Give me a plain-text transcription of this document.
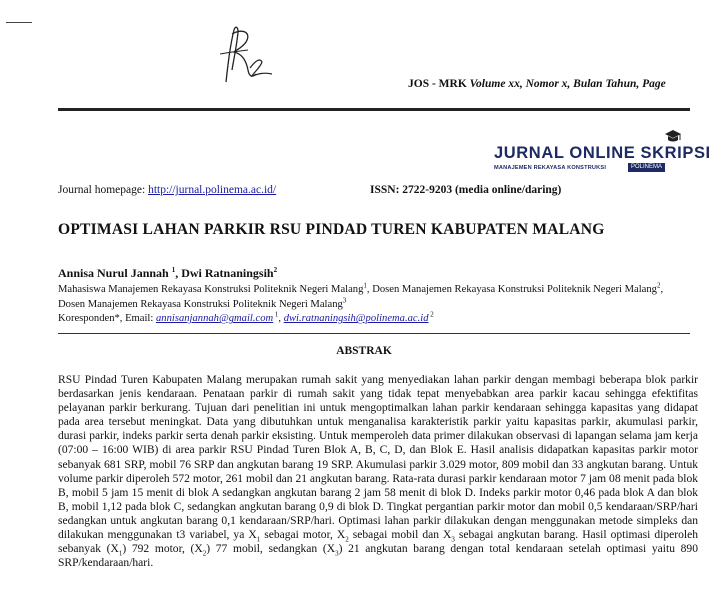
JOS - MRK Volume xx, Nomor x, Bulan Tahun, Page
JURNAL ONLINE SKRIPSI
MANAJEMEN REKAYASA KONSTRUKSI	POLINEMA
Journal homepage: http://jurnal.polinema.ac.id/	ISSN: 2722-9203 (media online/daring)
OPTIMASI LAHAN PARKIR RSU PINDAD TUREN KABUPATEN MALANG
Annisa Nurul Jannah $^1$, Dwi Ratnaningsih$^2$
Mahasiswa Manajemen Rekayasa Konstruksi Politeknik Negeri Malang$^1$, Dosen Manajemen Rekayasa Konstruksi Politeknik Negeri Malang$^2$, Dosen Manajemen Rekayasa Konstruksi Politeknik Negeri Malang$^3$
Koresponden*, Email: annisanjannah@gmail.com $^1$, dwi.ratnaningsih@polinema.ac.id $^2$
ABSTRAK
RSU Pindad Turen Kabupaten Malang merupakan rumah sakit yang menyediakan lahan parkir dengan membagi beberapa blok parkir berdasarkan jenis kendaraan. Penataan parkir di rumah sakit yang tidak tepat menyebabkan area parkir kacau sehingga efektifitas pelayanan parkir berkurang. Tujuan dari penelitian ini untuk mengoptimalkan lahan parkir kendaraan sehingga kapasitas yang didapat pada area tersebut meningkat. Data yang dibutuhkan untuk menganalisa karakteristik parkir yaitu kapasitas parkir, akumulasi parkir, durasi parkir, indeks parkir serta denah parkir eksisting. Untuk memperoleh data primer dilakukan observasi di lapangan selama jam kerja (07:00 – 16:00 WIB) di area parkir RSU Pindad Turen Blok A, B, C, D, dan Blok E. Hasil analisis didapatkan kapasitas parkir motor sebanyak 681 SRP, mobil 76 SRP dan angkutan barang 19 SRP. Akumulasi parkir 3.029 motor, 809 mobil dan 33 angkutan barang. Untuk volume parkir diperoleh 572 motor, 261 mobil dan 21 angkutan barang. Rata-rata durasi parkir kendaraan motor 7 jam 08 menit pada blok B, mobil 5 jam 15 menit di blok A sedangkan angkutan barang 2 jam 58 menit di blok D. Indeks parkir motor 0,46 pada blok A dan blok B, mobil 1,12 pada blok C, sedangkan angkutan barang 0,9 di blok D. Tingkat pergantian parkir motor dan mobil 0,5 kendaraan/SRP/hari sedangkan untuk angkutan barang 0,1 kendaraan/SRP/hari. Optimasi lahan parkir dilakukan dengan menggunakan metode simpleks dan dilakukan menggunakan t3 variabel, ya $X_1$ sebagai motor, $X_2$ sebagai mobil dan $X_3$ sebagai angkutan barang. Hasil optimasi diperoleh sebanyak $(X_1)$ 792 motor, $(X_2)$ 77 mobil, sedangkan $(X_3)$ 21 angkutan barang dengan total kendaraan setelah optimasi yaitu 890 SRP/kendaraan/hari.
